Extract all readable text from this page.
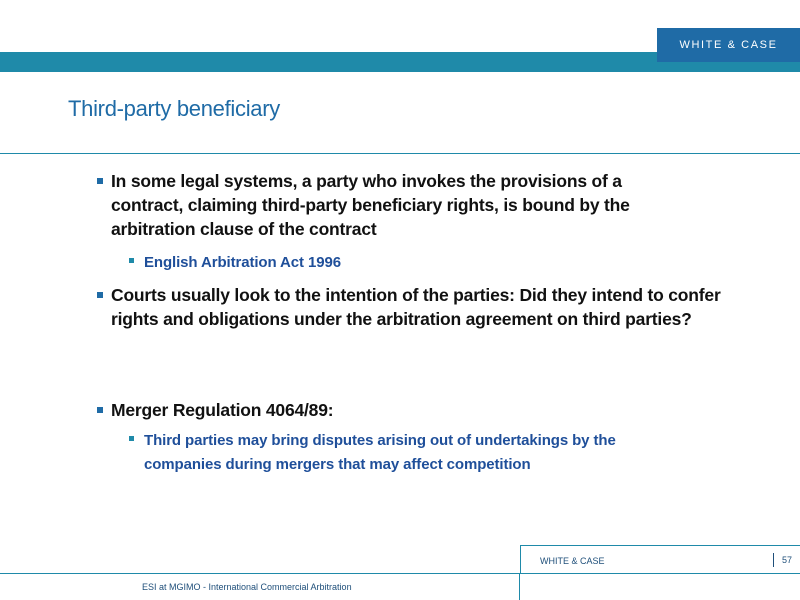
WHITE & CASE
Third-party beneficiary
In some legal systems, a party who invokes the provisions of a contract, claiming third-party beneficiary rights, is bound by the arbitration clause of the contract
English Arbitration Act 1996
Courts usually look to the intention of the parties: Did they intend to confer rights and obligations under the arbitration agreement on third parties?
Merger Regulation 4064/89:
Third parties may bring disputes arising out of undertakings by the companies during mergers that may affect competition
WHITE & CASE	57
ESI at MGIMO - International Commercial Arbitration
